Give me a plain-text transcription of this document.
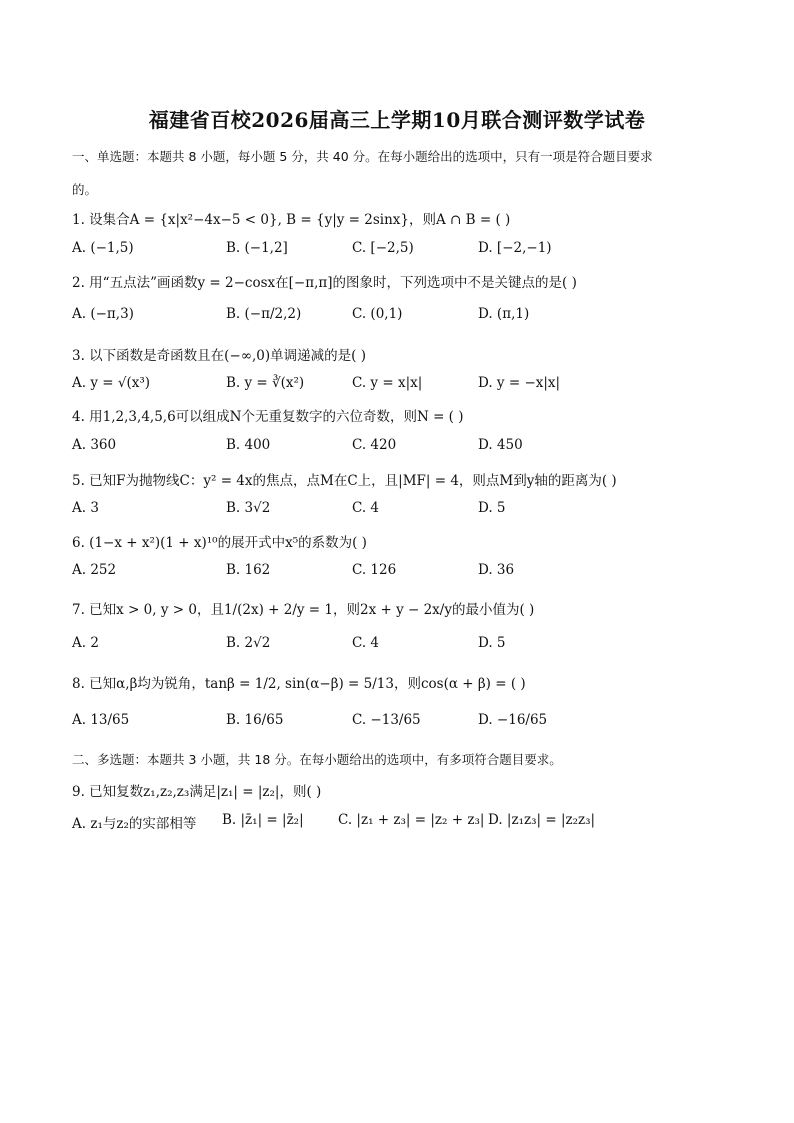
福建省百校2026届高三上学期10月联合测评数学试卷
一、单选题：本题共 8 小题，每小题 5 分，共 40 分。在每小题给出的选项中，只有一项是符合题目要求
的。
1. 设集合A = {x|x²−4x−5 < 0}, B = {y|y = 2sinx}，则A ∩ B = ( )
A. (−1,5)	B. (−1,2]	C. [−2,5)	D. [−2,−1)
2. 用“五点法”画函数y = 2−cosx在[−π,π]的图象时，下列选项中不是关键点的是( )
A. (−π,3)	B. (−π/2,2)	C. (0,1)	D. (π,1)
3. 以下函数是奇函数且在(−∞,0)单调递减的是( )
A. y = √(x³)	B. y = ∛(x²)	C. y = x|x|	D. y = −x|x|
4. 用1,2,3,4,5,6可以组成N个无重复数字的六位奇数，则N = ( )
A. 360	B. 400	C. 420	D. 450
5. 已知F为抛物线C：y² = 4x的焦点，点M在C上，且|MF| = 4，则点M到y轴的距离为( )
A. 3	B. 3√2	C. 4	D. 5
6. (1−x + x²)(1 + x)¹⁰的展开式中x⁵的系数为( )
A. 252	B. 162	C. 126	D. 36
7. 已知x > 0, y > 0，且1/(2x) + 2/y = 1，则2x + y − 2x/y的最小值为( )
A. 2	B. 2√2	C. 4	D. 5
8. 已知α,β均为锐角，tanβ = 1/2, sin(α−β) = 5/13，则cos(α + β) = ( )
A. 13/65	B. 16/65	C. −13/65	D. −16/65
二、多选题：本题共 3 小题，共 18 分。在每小题给出的选项中，有多项符合题目要求。
9. 已知复数z₁,z₂,z₃满足|z₁| = |z₂|，则( )
A. z₁与z₂的实部相等 B. |z̄₁| = |z̄₂|	C. |z₁ + z₃| = |z₂ + z₃| D. |z₁z₃| = |z₂z₃|
